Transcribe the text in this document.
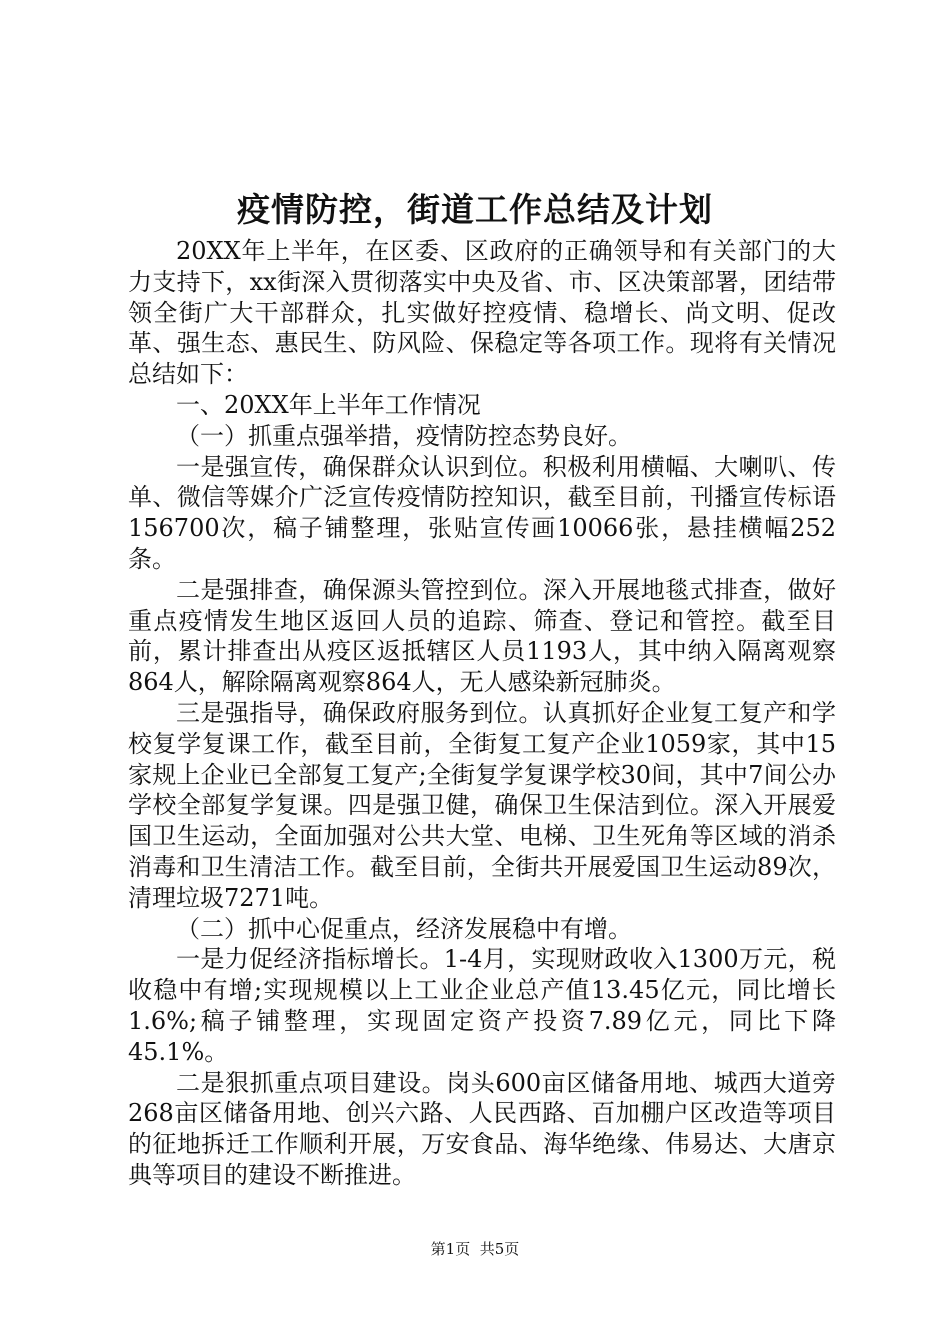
疫情防控，街道工作总结及计划

20XX年上半年，在区委、区政府的正确领导和有关部门的大力支持下，xx街深入贯彻落实中央及省、市、区决策部署，团结带领全街广大干部群众，扎实做好控疫情、稳增长、尚文明、促改革、强生态、惠民生、防风险、保稳定等各项工作。现将有关情况总结如下：

一、20XX年上半年工作情况

（一）抓重点强举措，疫情防控态势良好。

一是强宣传，确保群众认识到位。积极利用横幅、大喇叭、传单、微信等媒介广泛宣传疫情防控知识，截至目前，刊播宣传标语156700次，稿子铺整理，张贴宣传画10066张，悬挂横幅252条。

二是强排查，确保源头管控到位。深入开展地毯式排查，做好重点疫情发生地区返回人员的追踪、筛查、登记和管控。截至目前，累计排查出从疫区返抵辖区人员1193人，其中纳入隔离观察864人，解除隔离观察864人，无人感染新冠肺炎。

三是强指导，确保政府服务到位。认真抓好企业复工复产和学校复学复课工作，截至目前，全街复工复产企业1059家，其中15家规上企业已全部复工复产;全街复学复课学校30间，其中7间公办学校全部复学复课。四是强卫健，确保卫生保洁到位。深入开展爱国卫生运动，全面加强对公共大堂、电梯、卫生死角等区域的消杀消毒和卫生清洁工作。截至目前，全街共开展爱国卫生运动89次，清理垃圾7271吨。

（二）抓中心促重点，经济发展稳中有增。

一是力促经济指标增长。1-4月，实现财政收入1300万元，税收稳中有增;实现规模以上工业企业总产值13.45亿元，同比增长1.6%;稿子铺整理，实现固定资产投资7.89亿元，同比下降45.1%。

二是狠抓重点项目建设。岗头600亩区储备用地、城西大道旁268亩区储备用地、创兴六路、人民西路、百加棚户区改造等项目的征地拆迁工作顺利开展，万安食品、海华绝缘、伟易达、大唐京典等项目的建设不断推进。

第1页 共5页
